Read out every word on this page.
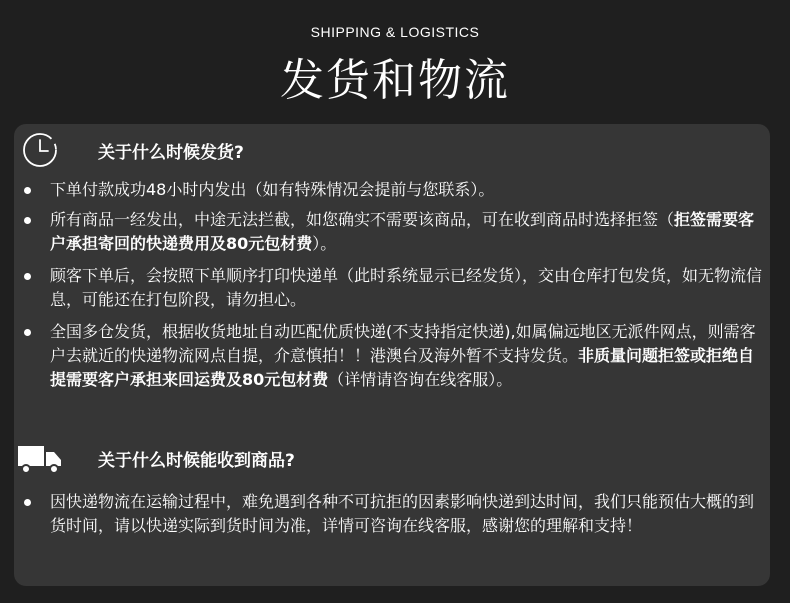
SHIPPING & LOGISTICS
发货和物流
关于什么时候发货?
下单付款成功48小时内发出（如有特殊情况会提前与您联系）。
所有商品一经发出，中途无法拦截，如您确实不需要该商品，可在收到商品时选择拒签（拒签需要客户承担寄回的快递费用及80元包材费）。
顾客下单后，会按照下单顺序打印快递单（此时系统显示已经发货），交由仓库打包发货，如无物流信息，可能还在打包阶段，请勿担心。
全国多仓发货，根据收货地址自动匹配优质快递(不支持指定快递),如属偏远地区无派件网点，则需客户去就近的快递物流网点自提，介意慎拍！！港澳台及海外暂不支持发货。非质量问题拒签或拒绝自提需要客户承担来回运费及80元包材费（详情请咨询在线客服）。
关于什么时候能收到商品?
因快递物流在运输过程中，难免遇到各种不可抗拒的因素影响快递到达时间，我们只能预估大概的到货时间，请以快递实际到货时间为准，详情可咨询在线客服，感谢您的理解和支持！
